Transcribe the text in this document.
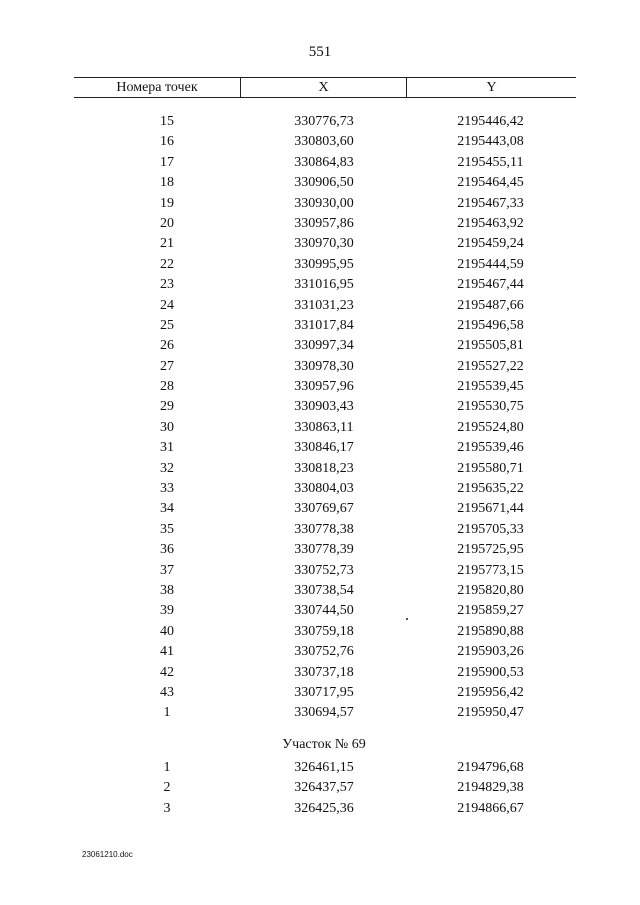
551
Номера точек	X	Y
15	330776,73	2195446,42
16	330803,60	2195443,08
17	330864,83	2195455,11
18	330906,50	2195464,45
19	330930,00	2195467,33
20	330957,86	2195463,92
21	330970,30	2195459,24
22	330995,95	2195444,59
23	331016,95	2195467,44
24	331031,23	2195487,66
25	331017,84	2195496,58
26	330997,34	2195505,81
27	330978,30	2195527,22
28	330957,96	2195539,45
29	330903,43	2195530,75
30	330863,11	2195524,80
31	330846,17	2195539,46
32	330818,23	2195580,71
33	330804,03	2195635,22
34	330769,67	2195671,44
35	330778,38	2195705,33
36	330778,39	2195725,95
37	330752,73	2195773,15
38	330738,54	2195820,80
39	330744,50	2195859,27
40	330759,18	2195890,88
41	330752,76	2195903,26
42	330737,18	2195900,53
43	330717,95	2195956,42
1	330694,57	2195950,47
Участок № 69
1	326461,15	2194796,68
2	326437,57	2194829,38
3	326425,36	2194866,67
23061210.doc
